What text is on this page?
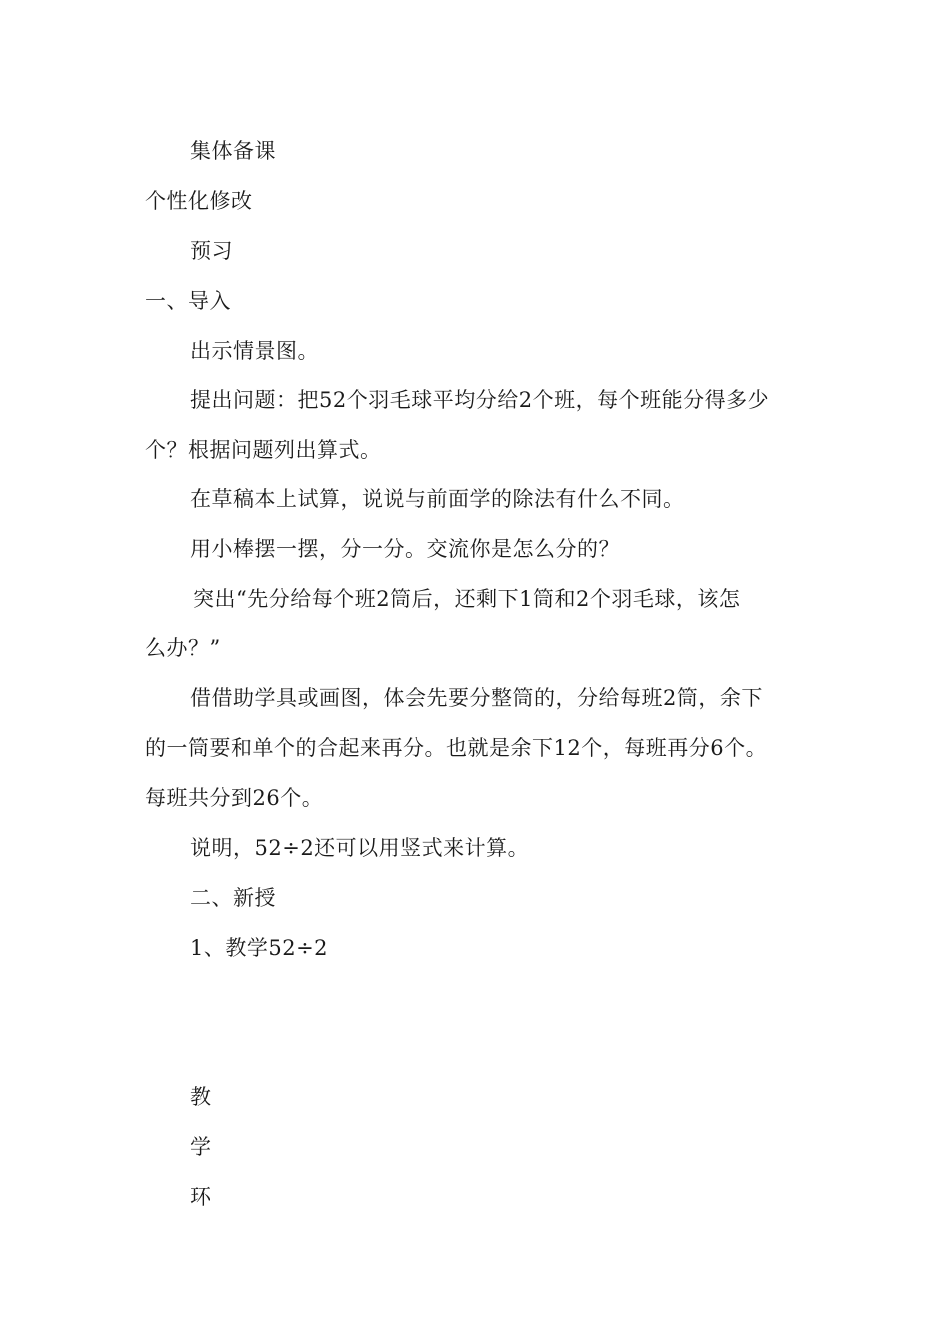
集体备课
个性化修改
预习
一、导入
出示情景图。
提出问题：把52个羽毛球平均分给2个班，每个班能分得多少
个？根据问题列出算式。
在草稿本上试算，说说与前面学的除法有什么不同。
用小棒摆一摆，分一分。交流你是怎么分的？
突出“先分给每个班2筒后，还剩下1筒和2个羽毛球，该怎
么办？”
借借助学具或画图，体会先要分整筒的，分给每班2筒，余下
的一筒要和单个的合起来再分。也就是余下12个，每班再分6个。
每班共分到26个。
说明，52÷2还可以用竖式来计算。
二、新授
1、教学52÷2
教
学
环
